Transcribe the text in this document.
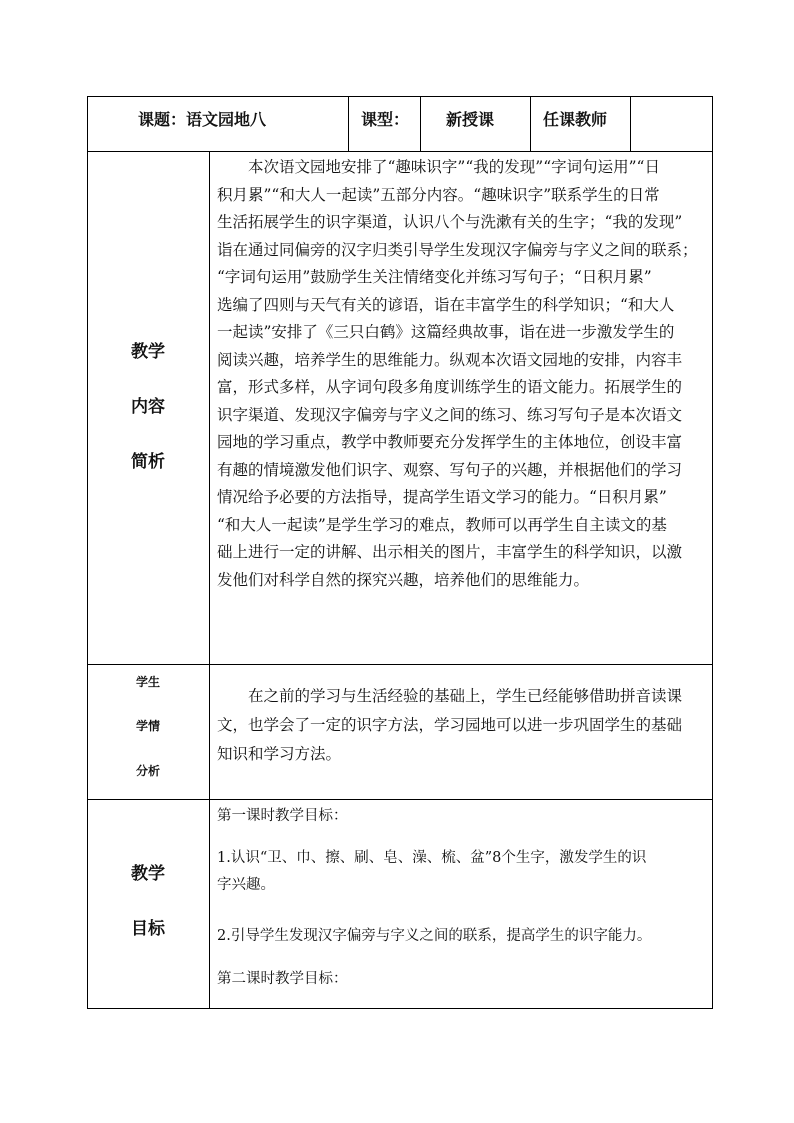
课题：语文园地八	课型： 新授课	任课教师
教学
内容
简析
本次语文园地安排了“趣味识字”“我的发现”“字词句运用”“日
积月累”“和大人一起读”五部分内容。“趣味识字”联系学生的日常
生活拓展学生的识字渠道，认识八个与洗漱有关的生字；“我的发现”
诣在通过同偏旁的汉字归类引导学生发现汉字偏旁与字义之间的联系；
“字词句运用”鼓励学生关注情绪变化并练习写句子；“日积月累”
选编了四则与天气有关的谚语，诣在丰富学生的科学知识；“和大人
一起读”安排了《三只白鹤》这篇经典故事，诣在进一步激发学生的
阅读兴趣，培养学生的思维能力。纵观本次语文园地的安排，内容丰
富，形式多样，从字词句段多角度训练学生的语文能力。拓展学生的
识字渠道、发现汉字偏旁与字义之间的练习、练习写句子是本次语文
园地的学习重点，教学中教师要充分发挥学生的主体地位，创设丰富
有趣的情境激发他们识字、观察、写句子的兴趣，并根据他们的学习
情况给予必要的方法指导，提高学生语文学习的能力。“日积月累”
“和大人一起读”是学生学习的难点，教师可以再学生自主读文的基
础上进行一定的讲解、出示相关的图片，丰富学生的科学知识，以激
发他们对科学自然的探究兴趣，培养他们的思维能力。
学生
学情
分析
在之前的学习与生活经验的基础上，学生已经能够借助拼音读课
文，也学会了一定的识字方法，学习园地可以进一步巩固学生的基础
知识和学习方法。
教学
目标
第一课时教学目标：
1.认识“卫、巾、擦、刷、皂、澡、梳、盆”8个生字，激发学生的识
字兴趣。
2.引导学生发现汉字偏旁与字义之间的联系，提高学生的识字能力。
第二课时教学目标：
